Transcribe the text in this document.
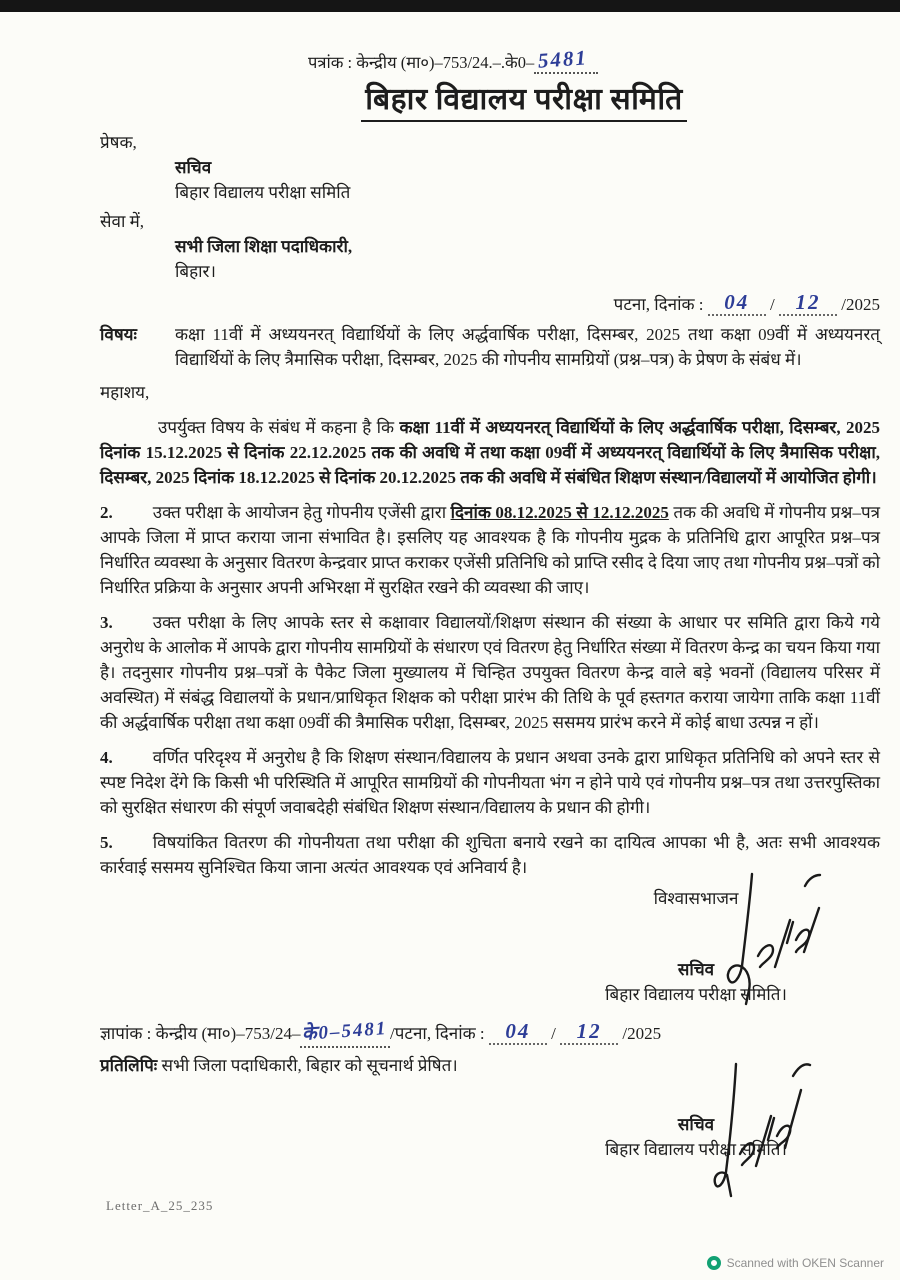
पत्रांक : केन्द्रीय (मा०)–753/24.–.के0– 5481
बिहार विद्यालय परीक्षा समिति

प्रेषक,

सचिव

बिहार विद्यालय परीक्षा समिति

सेवा में,

सभी जिला शिक्षा पदाधिकारी,

बिहार।

पटना, दिनांक : 04 / 12 /2025
विषयः	कक्षा 11वीं में अध्ययनरत् विद्यार्थियों के लिए अर्द्धवार्षिक परीक्षा, दिसम्बर, 2025 तथा कक्षा 09वीं में अध्ययनरत् विद्यार्थियों के लिए त्रैमासिक परीक्षा, दिसम्बर, 2025 की गोपनीय सामग्रियों (प्रश्न–पत्र) के प्रेषण के संबंध में।

महाशय,

उपर्युक्त विषय के संबंध में कहना है कि कक्षा 11वीं में अध्ययनरत् विद्यार्थियों के लिए अर्द्धवार्षिक परीक्षा, दिसम्बर, 2025 दिनांक 15.12.2025 से दिनांक 22.12.2025 तक की अवधि में तथा कक्षा 09वीं में अध्ययनरत् विद्यार्थियों के लिए त्रैमासिक परीक्षा, दिसम्बर, 2025 दिनांक 18.12.2025 से दिनांक 20.12.2025 तक की अवधि में संबंधित शिक्षण संस्थान/विद्यालयों में आयोजित होगी।

2. उक्त परीक्षा के आयोजन हेतु गोपनीय एजेंसी द्वारा दिनांक 08.12.2025 से 12.12.2025 तक की अवधि में गोपनीय प्रश्न–पत्र आपके जिला में प्राप्त कराया जाना संभावित है। इसलिए यह आवश्यक है कि गोपनीय मुद्रक के प्रतिनिधि द्वारा आपूरित प्रश्न–पत्र निर्धारित व्यवस्था के अनुसार वितरण केन्द्रवार प्राप्त कराकर एजेंसी प्रतिनिधि को प्राप्ति रसीद दे दिया जाए तथा गोपनीय प्रश्न–पत्रों को निर्धारित प्रक्रिया के अनुसार अपनी अभिरक्षा में सुरक्षित रखने की व्यवस्था की जाए।

3. उक्त परीक्षा के लिए आपके स्तर से कक्षावार विद्यालयों/शिक्षण संस्थान की संख्या के आधार पर समिति द्वारा किये गये अनुरोध के आलोक में आपके द्वारा गोपनीय सामग्रियों के संधारण एवं वितरण हेतु निर्धारित संख्या में वितरण केन्द्र का चयन किया गया है। तदनुसार गोपनीय प्रश्न–पत्रों के पैकेट जिला मुख्यालय में चिन्हित उपयुक्त वितरण केन्द्र वाले बड़े भवनों (विद्यालय परिसर में अवस्थित) में संबंद्ध विद्यालयों के प्रधान/प्राधिकृत शिक्षक को परीक्षा प्रारंभ की तिथि के पूर्व हस्तगत कराया जायेगा ताकि कक्षा 11वीं की अर्द्धवार्षिक परीक्षा तथा कक्षा 09वीं की त्रैमासिक परीक्षा, दिसम्बर, 2025 ससमय प्रारंभ करने में कोई बाधा उत्पन्न न हों।

4. वर्णित परिदृश्य में अनुरोध है कि शिक्षण संस्थान/विद्यालय के प्रधान अथवा उनके द्वारा प्राधिकृत प्रतिनिधि को अपने स्तर से स्पष्ट निदेश देंगे कि किसी भी परिस्थिति में आपूरित सामग्रियों की गोपनीयता भंग न होने पाये एवं गोपनीय प्रश्न–पत्र तथा उत्तरपुस्तिका को सुरक्षित संधारण की संपूर्ण जवाबदेही संबंधित शिक्षण संस्थान/विद्यालय के प्रधान की होगी।

5. विषयांकित वितरण की गोपनीयता तथा परीक्षा की शुचिता बनाये रखने का दायित्व आपका भी है, अतः सभी आवश्यक कार्रवाई ससमय सुनिश्चित किया जाना अत्यंत आवश्यक एवं अनिवार्य है।

विश्वासभाजन

सचिव

बिहार विद्यालय परीक्षा समिति।

ज्ञापांक : केन्द्रीय (मा०)–753/24–के0–5481/पटना, दिनांक : 04 / 12 /2025
प्रतिलिपिः सभी जिला पदाधिकारी, बिहार को सूचनार्थ प्रेषित।

सचिव

बिहार विद्यालय परीक्षा समिति।

Letter_A_25_235
Scanned with OKEN Scanner
